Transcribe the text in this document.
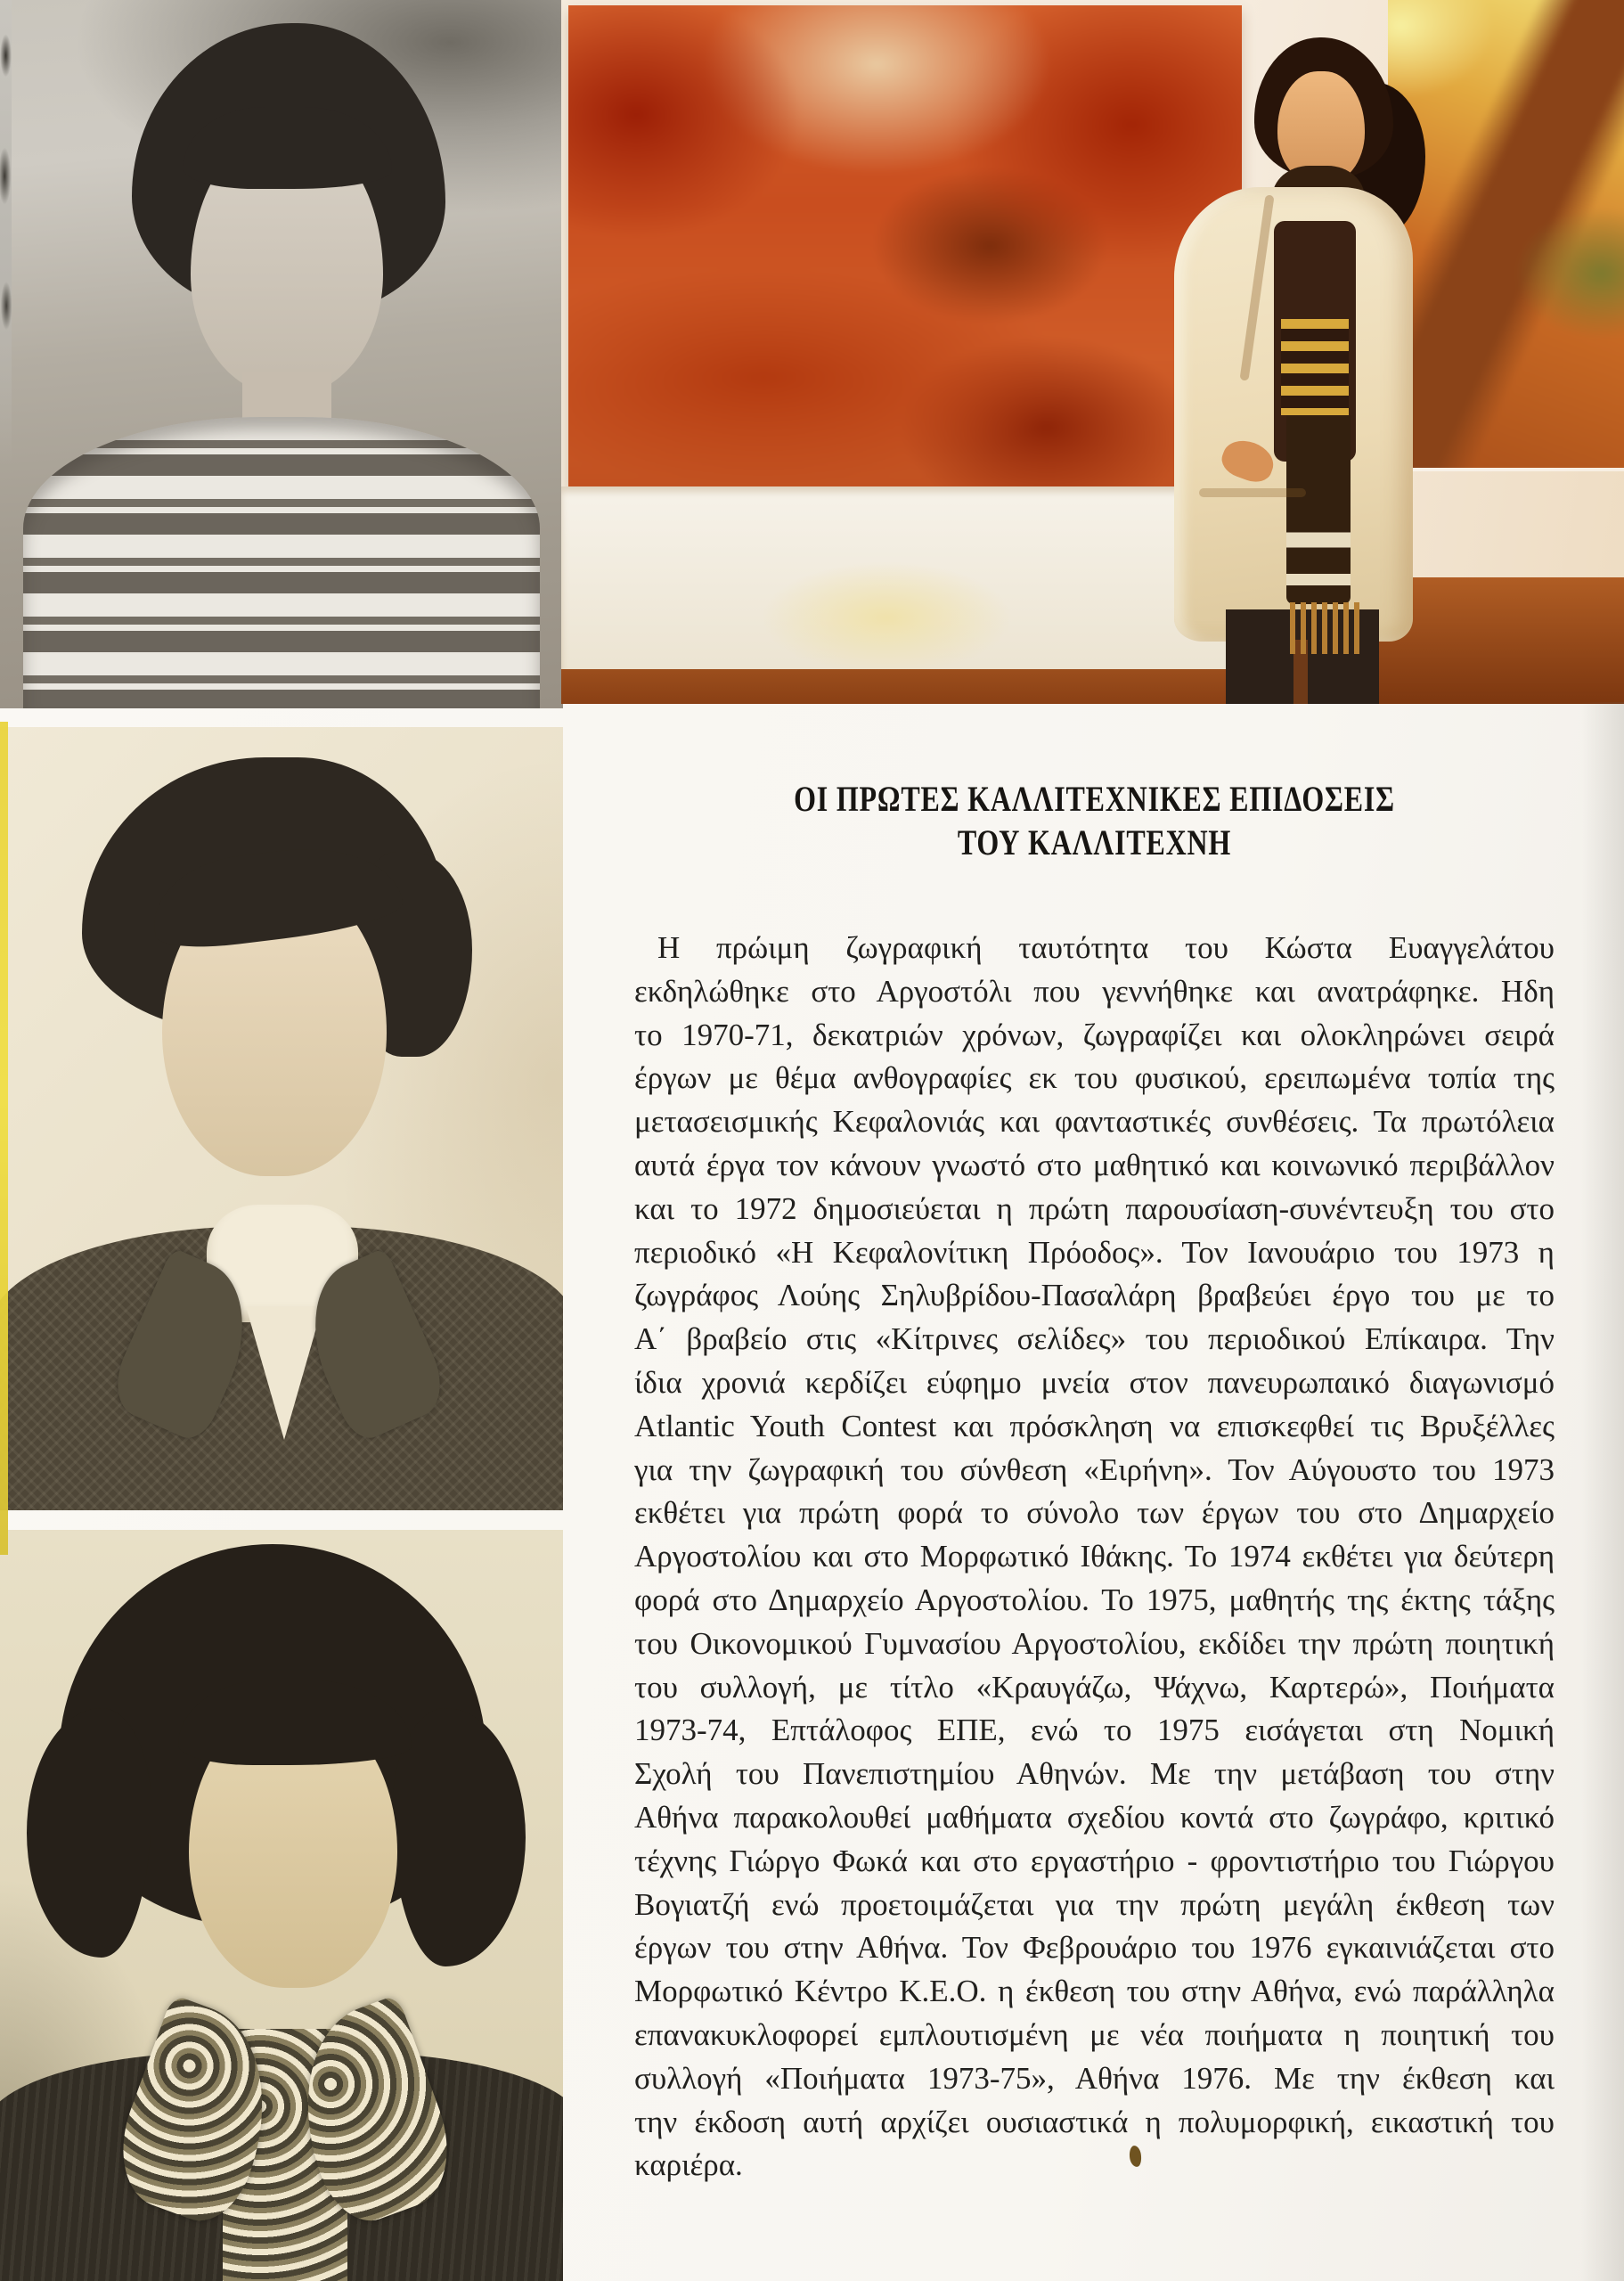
ΟΙ ΠΡΩΤΕΣ ΚΑΛΛΙΤΕΧΝΙΚΕΣ ΕΠΙΔΟΣΕΙΣ
ΤΟΥ ΚΑΛΛΙΤΕΧΝΗ
Η πρώιμη ζωγραφική ταυτότητα του Κώστα Ευαγγελάτου
εκδηλώθηκε στο Αργοστόλι που γεννήθηκε και ανατράφηκε. Ηδη
το 1970-71, δεκατριών χρόνων, ζωγραφίζει και ολοκληρώνει σειρά
έργων με θέμα ανθογραφίες εκ του φυσικού, ερειπωμένα τοπία της
μετασεισμικής Κεφαλονιάς και φανταστικές συνθέσεις. Τα πρωτόλεια
αυτά έργα τον κάνουν γνωστό στο μαθητικό και κοινωνικό περιβάλλον
και το 1972 δημοσιεύεται η πρώτη παρουσίαση-συνέντευξη του στο
περιοδικό «Η Κεφαλονίτικη Πρόοδος». Τον Ιανουάριο του 1973 η
ζωγράφος Λούης Σηλυβρίδου-Πασαλάρη βραβεύει έργο του με το
Α΄ βραβείο στις «Κίτρινες σελίδες» του περιοδικού Επίκαιρα. Την
ίδια χρονιά κερδίζει εύφημο μνεία στον πανευρωπαικό διαγωνισμό
Atlantic Youth Contest και πρόσκληση να επισκεφθεί τις Βρυξέλλες
για την ζωγραφική του σύνθεση «Ειρήνη». Τον Αύγουστο του 1973
εκθέτει για πρώτη φορά το σύνολο των έργων του στο Δημαρχείο
Αργοστολίου και στο Μορφωτικό Ιθάκης. Το 1974 εκθέτει για δεύτερη
φορά στο Δημαρχείο Αργοστολίου. Το 1975, μαθητής της έκτης τάξης
του Οικονομικού Γυμνασίου Αργοστολίου, εκδίδει την πρώτη ποιητική
του συλλογή, με τίτλο «Κραυγάζω, Ψάχνω, Καρτερώ», Ποιήματα
1973-74, Επτάλοφος ΕΠΕ, ενώ το 1975 εισάγεται στη Νομική
Σχολή του Πανεπιστημίου Αθηνών. Με την μετάβαση του στην
Αθήνα παρακολουθεί μαθήματα σχεδίου κοντά στο ζωγράφο, κριτικό
τέχνης Γιώργο Φωκά και στο εργαστήριο - φροντιστήριο του Γιώργου
Βογιατζή ενώ προετοιμάζεται για την πρώτη μεγάλη έκθεση των
έργων του στην Αθήνα. Τον Φεβρουάριο του 1976 εγκαινιάζεται στο
Μορφωτικό Κέντρο Κ.Ε.Ο. η έκθεση του στην Αθήνα, ενώ παράλληλα
επανακυκλοφορεί εμπλουτισμένη με νέα ποιήματα η ποιητική του
συλλογή «Ποιήματα 1973-75», Αθήνα 1976. Με την έκθεση και
την έκδοση αυτή αρχίζει ουσιαστικά η πολυμορφική, εικαστική του
καριέρα.
